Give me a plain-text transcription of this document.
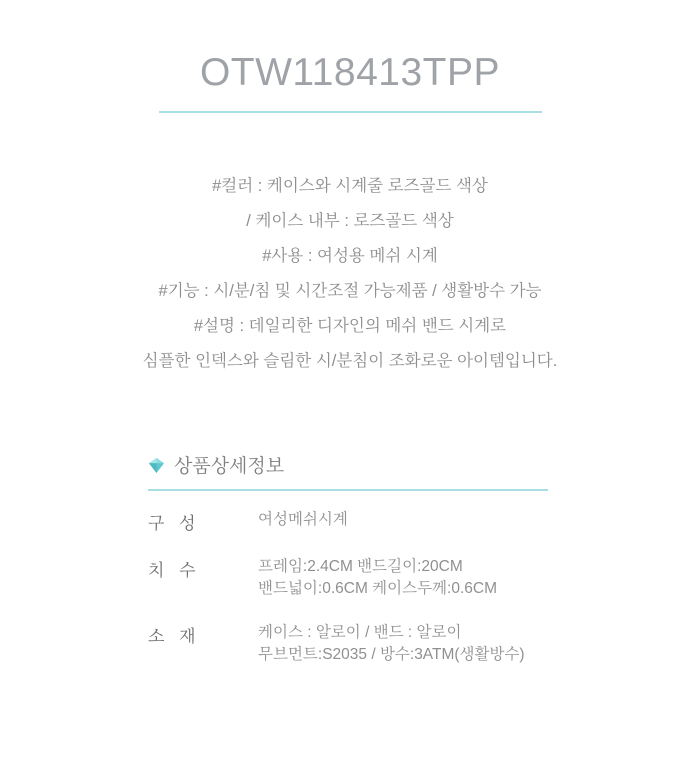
OTW118413TPP
#컬러 : 케이스와 시계줄 로즈골드 색상
/ 케이스 내부 : 로즈골드 색상
#사용 : 여성용 메쉬 시계
#기능 : 시/분/침 및 시간조절 가능제품 / 생활방수 가능
#설명 : 데일리한 디자인의 메쉬 밴드 시계로
심플한 인덱스와 슬림한 시/분침이 조화로운 아이템입니다.
상품상세정보
구 성	여성메쉬시계

치 수	프레임:2.4CM 밴드길이:20CM
밴드넓이:0.6CM 케이스두께:0.6CM

소 재	케이스 : 알로이 / 밴드 : 알로이
무브먼트:S2035 / 방수:3ATM(생활방수)
